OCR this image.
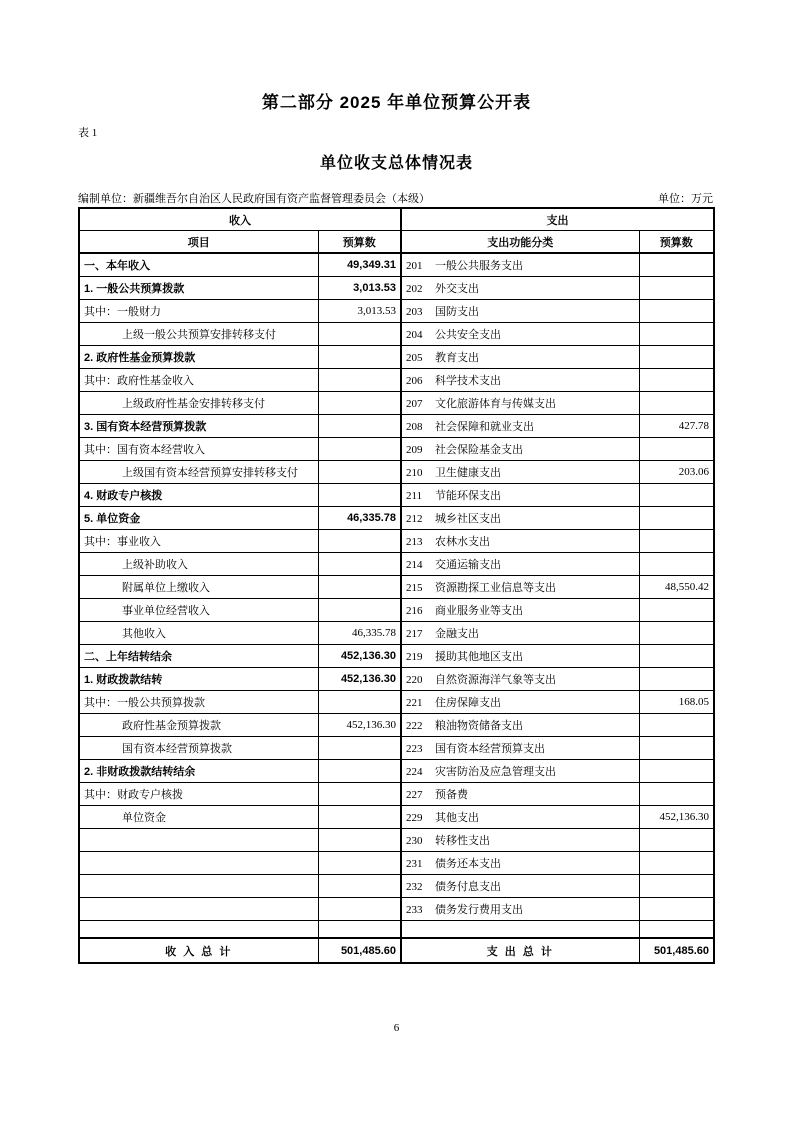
第二部分 2025 年单位预算公开表
表 1
单位收支总体情况表
编制单位：新疆维吾尔自治区人民政府国有资产监督管理委员会（本级）	单位：万元
收入		支出	
项目	预算数	支出功能分类	预算数
一、本年收入	49,349.31	201 一般公共服务支出	
1. 一般公共预算拨款	3,013.53	202 外交支出	
其中：一般财力	3,013.53	203 国防支出	
上级一般公共预算安排转移支付		204 公共安全支出	
2. 政府性基金预算拨款		205 教育支出	
其中：政府性基金收入		206 科学技术支出	
上级政府性基金安排转移支付		207 文化旅游体育与传媒支出	
3. 国有资本经营预算拨款		208 社会保障和就业支出	427.78
其中：国有资本经营收入		209 社会保险基金支出	
上级国有资本经营预算安排转移支付		210 卫生健康支出	203.06
4. 财政专户核拨		211 节能环保支出	
5. 单位资金	46,335.78	212 城乡社区支出	
其中：事业收入		213 农林水支出	
上级补助收入		214 交通运输支出	
附属单位上缴收入		215 资源勘探工业信息等支出	48,550.42
事业单位经营收入		216 商业服务业等支出	
其他收入	46,335.78	217 金融支出	
二、上年结转结余	452,136.30	219 援助其他地区支出	
1. 财政拨款结转	452,136.30	220 自然资源海洋气象等支出	
其中：一般公共预算拨款		221 住房保障支出	168.05
政府性基金预算拨款	452,136.30	222 粮油物资储备支出	
国有资本经营预算拨款		223 国有资本经营预算支出	
2. 非财政拨款结转结余		224 灾害防治及应急管理支出	
其中：财政专户核拨		227 预备费	
单位资金		229 其他支出	452,136.30
		230 转移性支出	
		231 债务还本支出	
		232 债务付息支出	
		233 债务发行费用支出	

收 入 总 计	501,485.60	支 出 总 计	501,485.60
6
